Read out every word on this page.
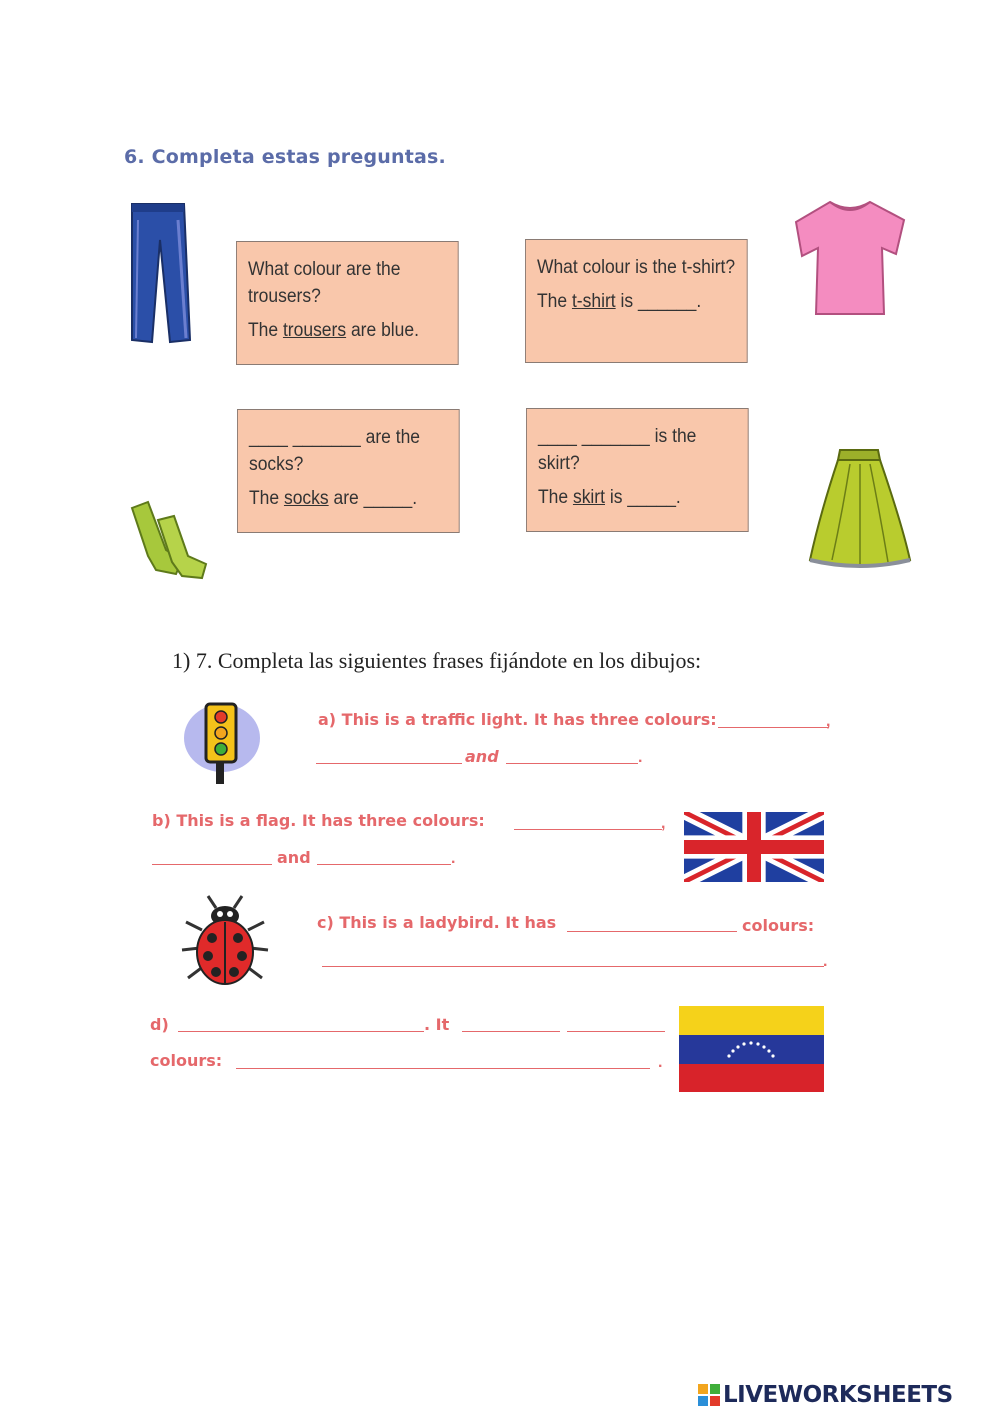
6. Completa estas preguntas.
What colour are the trousers?
The trousers are blue.
What colour is the t-shirt?
The t-shirt is ______.
____ _______ are the socks?
The socks are _____.
____ _______ is the skirt?
The skirt is _____.
1) 7. Completa las siguientes frases fijándote en los dibujos:
a) This is a traffic light. It has three colours:	,
and	.
b) This is a flag. It has three colours:	,
and	.
c) This is a ladybird. It has	colours:
.
d)	. It
colours:	.
LIVEWORKSHEETS
